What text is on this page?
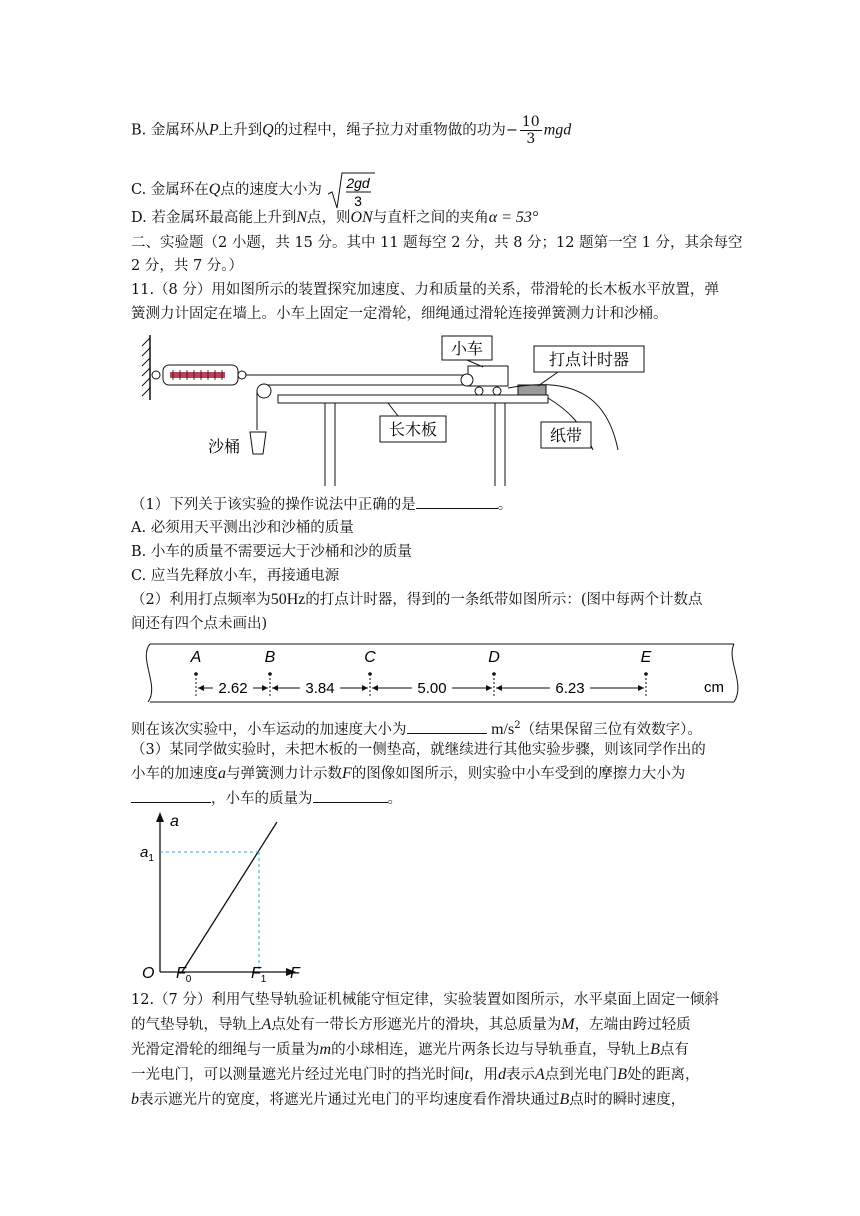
B. 金属环从P上升到Q的过程中，绳子拉力对重物做的功为− $\frac{10}{3}$ mgd
C. 金属环在Q点的速度大小为 2gd
3
D. 若金属环最高能上升到N点，则ON与直杆之间的夹角α = 53°
二、实验题（2 小题，共 15 分。其中 11 题每空 2 分，共 8 分；12 题第一空 1 分，其余每空
2 分，共 7 分。）
11.（8 分）用如图所示的装置探究加速度、力和质量的关系，带滑轮的长木板水平放置，弹
簧测力计固定在墙上。小车上固定一定滑轮，细绳通过滑轮连接弹簧测力计和沙桶。
小车
打点计时器
沙桶
长木板	纸带
（1）下列关于该实验的操作说法中正确的是	。
A. 必须用天平测出沙和沙桶的质量
B. 小车的质量不需要远大于沙桶和沙的质量
C. 应当先释放小车，再接通电源
（2）利用打点频率为50Hz的打点计时器，得到的一条纸带如图所示：(图中每两个计数点
间还有四个点未画出)
A	B	C	D	E
2.62	3.84	5.00	6.23	cm
则在该次实验中，小车运动的加速度大小为	$m/s^2$（结果保留三位有效数字）。
（3）某同学做实验时，未把木板的一侧垫高，就继续进行其他实验步骤，则该同学作出的
小车的加速度a与弹簧测力计示数F的图像如图所示，则实验中小车受到的摩擦力大小为
，小车的质量为	。
a
F
O
$a_1$
$F_0$	$F_1$
12.（7 分）利用气垫导轨验证机械能守恒定律，实验装置如图所示，水平桌面上固定一倾斜
的气垫导轨，导轨上A点处有一带长方形遮光片的滑块，其总质量为M，左端由跨过轻质
光滑定滑轮的细绳与一质量为m的小球相连，遮光片两条长边与导轨垂直，导轨上B点有
一光电门，可以测量遮光片经过光电门时的挡光时间t，用d表示A点到光电门B处的距离，
b表示遮光片的宽度，将遮光片通过光电门的平均速度看作滑块通过B点时的瞬时速度，
